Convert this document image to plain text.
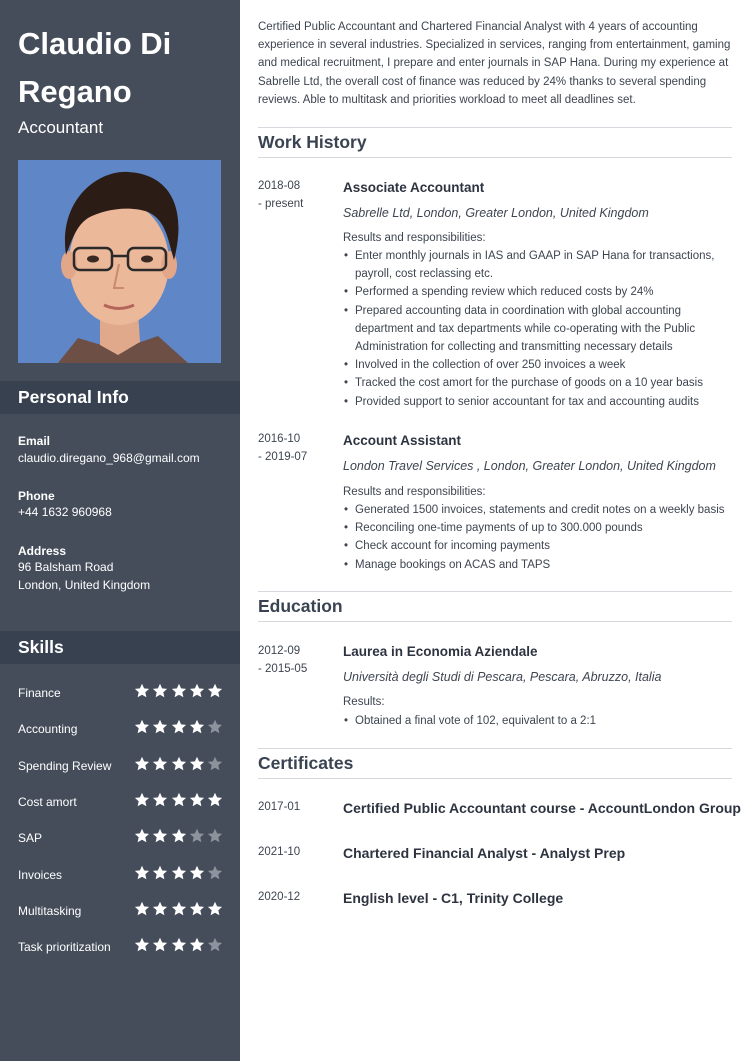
Claudio Di Regano
Accountant
Personal Info
Email
claudio.diregano_968@gmail.com
Phone
+44 1632 960968
Address
96 Balsham Road
London, United Kingdom
Skills
Finance
Accounting
Spending Review
Cost amort
SAP
Invoices
Multitasking
Task prioritization
Certified Public Accountant and Chartered Financial Analyst with 4 years of accounting experience in several industries. Specialized in services, ranging from entertainment, gaming and medical recruitment, I prepare and enter journals in SAP Hana. During my experience at Sabrelle Ltd, the overall cost of finance was reduced by 24% thanks to several spending reviews. Able to multitask and priorities workload to meet all deadlines set.
Work History
2018-08
- present
Associate Accountant
Sabrelle Ltd, London, Greater London, United Kingdom
Results and responsibilities:
• Enter monthly journals in IAS and GAAP in SAP Hana for transactions, payroll, cost reclassing etc.
• Performed a spending review which reduced costs by 24%
• Prepared accounting data in coordination with global accounting department and tax departments while co-operating with the Public Administration for collecting and transmitting necessary details
• Involved in the collection of over 250 invoices a week
• Tracked the cost amort for the purchase of goods on a 10 year basis
• Provided support to senior accountant for tax and accounting audits
2016-10
- 2019-07
Account Assistant
London Travel Services , London, Greater London, United Kingdom
Results and responsibilities:
• Generated 1500 invoices, statements and credit notes on a weekly basis
• Reconciling one-time payments of up to 300.000 pounds
• Check account for incoming payments
• Manage bookings on ACAS and TAPS
Education
2012-09
- 2015-05
Laurea in Economia Aziendale
Università degli Studi di Pescara, Pescara, Abruzzo, Italia
Results:
• Obtained a final vote of 102, equivalent to a 2:1
Certificates
2017-01	Certified Public Accountant course - AccountLondon Group
2021-10	Chartered Financial Analyst - Analyst Prep
2020-12	English level - C1, Trinity College
